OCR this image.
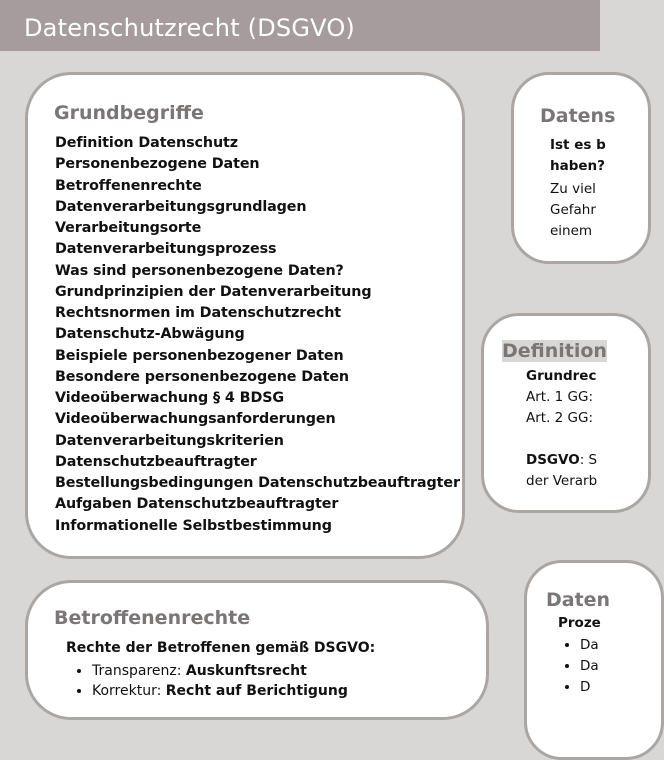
Datenschutzrecht (DSGVO)
Grundbegriffe
Definition Datenschutz
Personenbezogene Daten
Betroffenenrechte
Datenverarbeitungsgrundlagen
Verarbeitungsorte
Datenverarbeitungsprozess
Was sind personenbezogene Daten?
Grundprinzipien der Datenverarbeitung
Rechtsnormen im Datenschutzrecht
Datenschutz-Abwägung
Beispiele personenbezogener Daten
Besondere personenbezogene Daten
Videoüberwachung § 4 BDSG
Videoüberwachungsanforderungen
Datenverarbeitungskriterien
Datenschutzbeauftragter
Bestellungsbedingungen Datenschutzbeauftragter
Aufgaben Datenschutzbeauftragter
Informationelle Selbstbestimmung
Betroffenenrechte
Rechte der Betroffenen gemäß DSGVO:
• Transparenz: Auskunftsrecht
• Korrektur: Recht auf Berichtigung
Datens
Ist es b
haben?
Zu viel
Gefahr
einem
Grundrec
Art. 1 GG:
Art. 2 GG:
DSGVO: S
der Verarb
Definition
Daten
Proze
• Da
• Da
• D
